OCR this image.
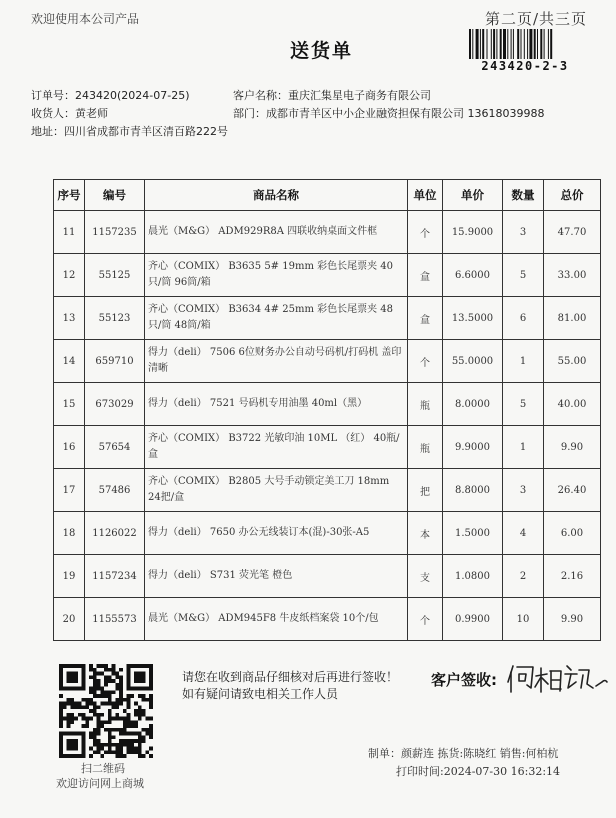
欢迎使用本公司产品	第二页/共三页
送货单
243420-2-3
订单号：243420(2024-07-25)
收货人：黄老师
地址：四川省成都市青羊区清百路222号
客户名称：重庆汇集星电子商务有限公司
部门：成都市青羊区中小企业融资担保有限公司 13618039988
序号	编号	商品名称	单位	单价	数量	总价
11	1157235	晨光（M&G） ADM929R8A 四联收纳桌面文件框	个	15.9000	3	47.70
12	55125	齐心（COMIX） B3635 5# 19mm 彩色长尾票夹 40只/筒 96筒/箱	盒	6.6000	5	33.00
13	55123	齐心（COMIX） B3634 4# 25mm 彩色长尾票夹 48只/筒 48筒/箱	盒	13.5000	6	81.00
14	659710	得力（deli） 7506 6位财务办公自动号码机/打码机 盖印清晰	个	55.0000	1	55.00
15	673029	得力（deli） 7521 号码机专用油墨 40ml（黑）	瓶	8.0000	5	40.00
16	57654	齐心（COMIX） B3722 光敏印油 10ML （红） 40瓶/盒	瓶	9.9000	1	9.90
17	57486	齐心（COMIX） B2805 大号手动锁定美工刀 18mm 24把/盒	把	8.8000	3	26.40
18	1126022	得力（deli） 7650 办公无线装订本(混)-30张-A5	本	1.5000	4	6.00
19	1157234	得力（deli） S731 荧光笔 橙色	支	1.0800	2	2.16
20	1155573	晨光（M&G） ADM945F8 牛皮纸档案袋 10个/包	个	0.9900	10	9.90
扫二维码
欢迎访问网上商城
请您在收到商品仔细核对后再进行签收！如有疑问请致电相关工作人员
客户签收:
制单：颜薪连 拣货:陈晓红 销售:何柏杭
打印时间:2024-07-30 16:32:14
